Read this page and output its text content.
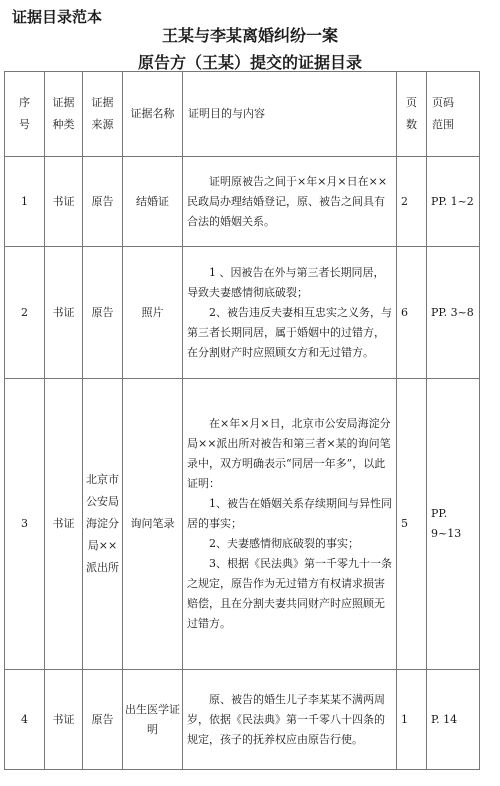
证据目录范本
王某与李某离婚纠纷一案
原告方（王某）提交的证据目录
序号	证据种类	证据来源	证据名称	证明目的与内容	页数	页码范围
1	书证	原告	结婚证	证明原被告之间于×年×月×日在××民政局办理结婚登记，原、被告之间具有合法的婚姻关系。	2	PP. 1~2
2	书证	原告	照片	1 、因被告在外与第三者长期同居，导致夫妻感情彻底破裂；
2、被告违反夫妻相互忠实之义务，与第三者长期同居，属于婚姻中的过错方，在分割财产时应照顾女方和无过错方。	6	PP. 3~8
3	书证	北京市公安局海淀分局××派出所	询问笔录	在×年×月×日，北京市公安局海淀分局××派出所对被告和第三者×某的询问笔录中，双方明确表示“同居一年多”，以此证明：
1、被告在婚姻关系存续期间与异性同居的事实；
2、夫妻感情彻底破裂的事实；
3、根据《民法典》第一千零九十一条之规定，原告作为无过错方有权请求损害赔偿，且在分割夫妻共同财产时应照顾无过错方。	5	PP. 9~13
4	书证	原告	出生医学证明	原、被告的婚生儿子李某某不满两周岁，依据《民法典》第一千零八十四条的规定，孩子的抚养权应由原告行使。	1	P. 14
